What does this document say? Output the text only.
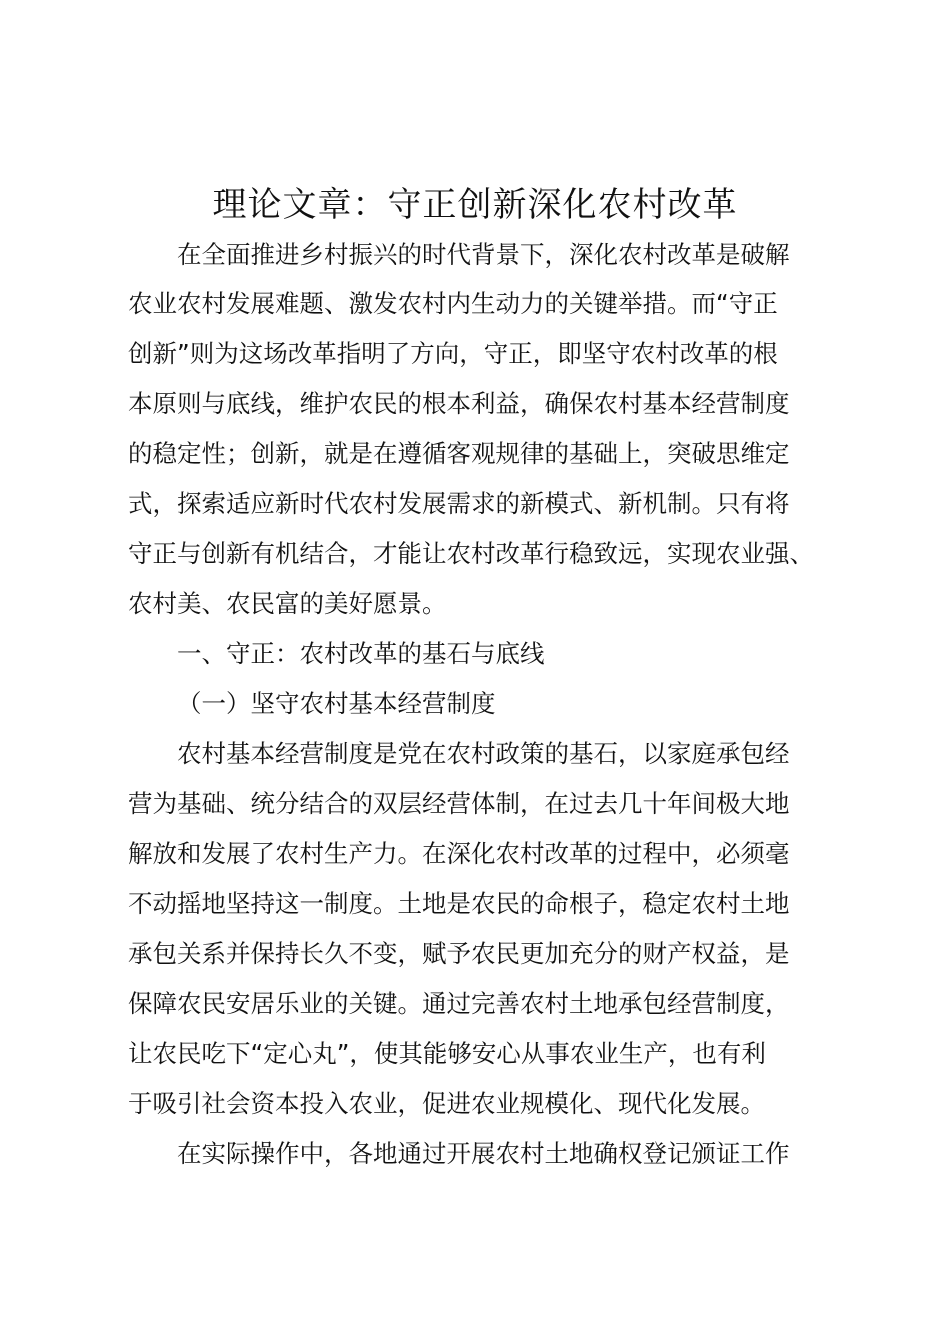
理论文章：守正创新深化农村改革

在全面推进乡村振兴的时代背景下，深化农村改革是破解

农业农村发展难题、激发农村内生动力的关键举措。而“守正

创新”则为这场改革指明了方向，守正，即坚守农村改革的根

本原则与底线，维护农民的根本利益，确保农村基本经营制度

的稳定性；创新，就是在遵循客观规律的基础上，突破思维定

式，探索适应新时代农村发展需求的新模式、新机制。只有将

守正与创新有机结合，才能让农村改革行稳致远，实现农业强、

农村美、农民富的美好愿景。

一、守正：农村改革的基石与底线

（一）坚守农村基本经营制度

农村基本经营制度是党在农村政策的基石，以家庭承包经

营为基础、统分结合的双层经营体制，在过去几十年间极大地

解放和发展了农村生产力。在深化农村改革的过程中，必须毫

不动摇地坚持这一制度。土地是农民的命根子，稳定农村土地

承包关系并保持长久不变，赋予农民更加充分的财产权益，是

保障农民安居乐业的关键。通过完善农村土地承包经营制度，

让农民吃下“定心丸”，使其能够安心从事农业生产，也有利

于吸引社会资本投入农业，促进农业规模化、现代化发展。

在实际操作中，各地通过开展农村土地确权登记颁证工作
